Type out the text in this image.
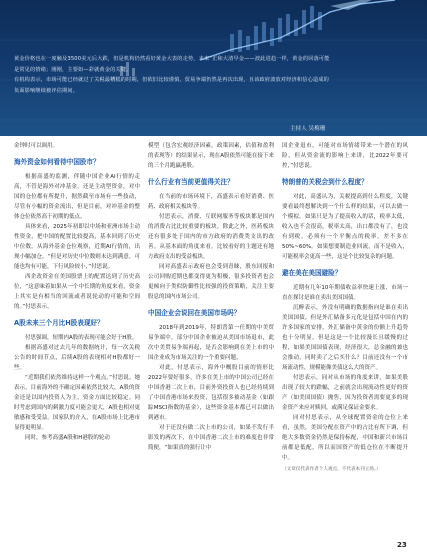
黄金价格也在一度触及3500美元后大跌，但是机构仍然看好黄金大表的走势，未来“正和大清早金——波此进趋一样，黄金的回落可能是常见的情绪；刚刚，主要如—彩就黄金的关键。
有机构表示，市场可能已经就过了关税最糟糕的时期，但依旧比较谨慎，贸易争端仍然是再次出现，且该政府波放对经济和信心造成的负面影响继续被评估期间。
主持人 吴梅珊

金钟时可以调用。

海外资金如何看待中国股市？

根据高盛的监测，伴随中国企业AI行情的走高，不管是海外对冲基金，还是主动型资金，对中国的仓位都有所提升，据然截至市场有一些技动，尽管有小幅的资金流出，但是目前，对冲基金的整体仓位依然高于初期的低点。

具体来看，2025年初即以中场和亚洲市场主动性资金，把中国的配置比较提高，基本回到了历史中位数。从海外基金仓位观察，近期AI行情的，出现小幅加仓，“但是对历史中位数则未达到满意。可能也均有可能，下行风险较小，”付思说。

西企改资金在美国股票上的配置达到了历史高位，“这意味着如果从一个中长期的角度来看，资金上其实是有相当的回流或者说轮动的可能和空间的。”付思表示。

A股未来三个月比H股表现好？

付思强调，短期内A股的表现可能会好于H股。

根据高盛对过去几年的数据统计，每一次关税公告的时间节点，后续A股的表现相对H股都好一些。

“近期我们依然维持这样一个观点，”付思说。她表示，目前海外的不确定因素依然比较大，A股的资金还是以国内投资人为主，资金方面比较稳定。同时考虑到国内的刺激力度可能会更大，A股也相对更敏感和受受益。国家队的介入，在A股市场上比港市显得更明显。

同时，参考高盛A股和H港股的轮动

模型（包含宏观经济因素，政策因素，估值和盈利的表现等）的结果显示，现在A股依然可能在接下来的三个月跑赢港股。

什么行业有当前更值得关注？

在当前的市场环境下，高盛表示看好消费、医药、政府相关板块等。

付思表示，消费、互联网服务等板块都是国内的消费占比比较重要的板块。除此之外，医药板块还有很多处于国内的市方政府的消费类支出的改善。从基本面的角度来看，比较看好的主题还有地方政府支出的受益板块。

同对高盛表示政府也会受到青睐，股东回报和公司回购近期也都变得更为积极，很多投资者也会更倾向于类似防御性比较强的投资策略，关注主要股息的国内市场公司。

中国企业会说回在美国市场吗？

2018年到2019年，特朗普第一任期的中美贸易争端中，部分中国企业被迫从美国市场退市，此次中美贸易争端再起，是否会影响到在美上市的中国企业成为市场关注的一个重要问题。

对此，付思表示，海外中概股目前的情形比2022年要好很多，许多在美上市的中国公司已经在中国香港二次上市，目前外资投资人也已经持续到了中国香港市场来投资，包括很多被动基金（如跟踪MSCI指数的基金），这些资金基本都已可以做出到港市。

对于还没有做二次上市的公司，如果不发行半影发的两次下，在中国香港二次上市的难度也非常简便，“如果真的强行让中

国企业退市，可能对市场情绪带来一个潜在的风险，但从资金流的影响上来讲，比2022年要可控，”付思说。

特朗普的关税会到什么程度？

对此，高盛认为，关税提高到什么程度，关键要看最终想解决到一个什么样的结果，可以去做一个模拟。如果只是为了提高收入的话，税率太低，收入也不会很高，税率太高，出口都没有了，也没有到税。必须有一个平衡点的税率，差不多在50%~60%。如果想要制造业回流，而不是收入，可能税率会更高一些，这是个比较复杂的问题。

避在美在美国避险？

近期有几年10年期债收益率快速上涨，市场一直在探讨是谁在卖出美国国债。

沉醉表示，外没有明确的数据指向是谁在卖出美国国债，但是外汇储备多元化是包括中国在内的许多国家的安排，外汇储备中黄金的份额上升趋势也十分明显。但是这是一个比较漫长且缓慢的过程，如果美国国债表现，经济很大，总金融的兼也会推动，同时卖了之后买什么？目前还没有一个市场流动性，规模能像美债这么大的资产。

付思表示，同对从市场的角度来讲，如果美股出现了较大的跌幅，之前就会出现流动性更好的资产（如美国国债）抛售，因为投资者需要更多的现金资产来应对赎回，或满足保证金要求。

同对付思表示，从全球配置资金的仓位上来看，虽然，美国分配在资产中的占比有所下调，但绝大多数资金仍然是保持标配，中国和新兴市场目前都是低配，所以而国资产的低仓位在不断提升中。

（文章仅代表作者个人观点，不代表本刊立场。）
23
